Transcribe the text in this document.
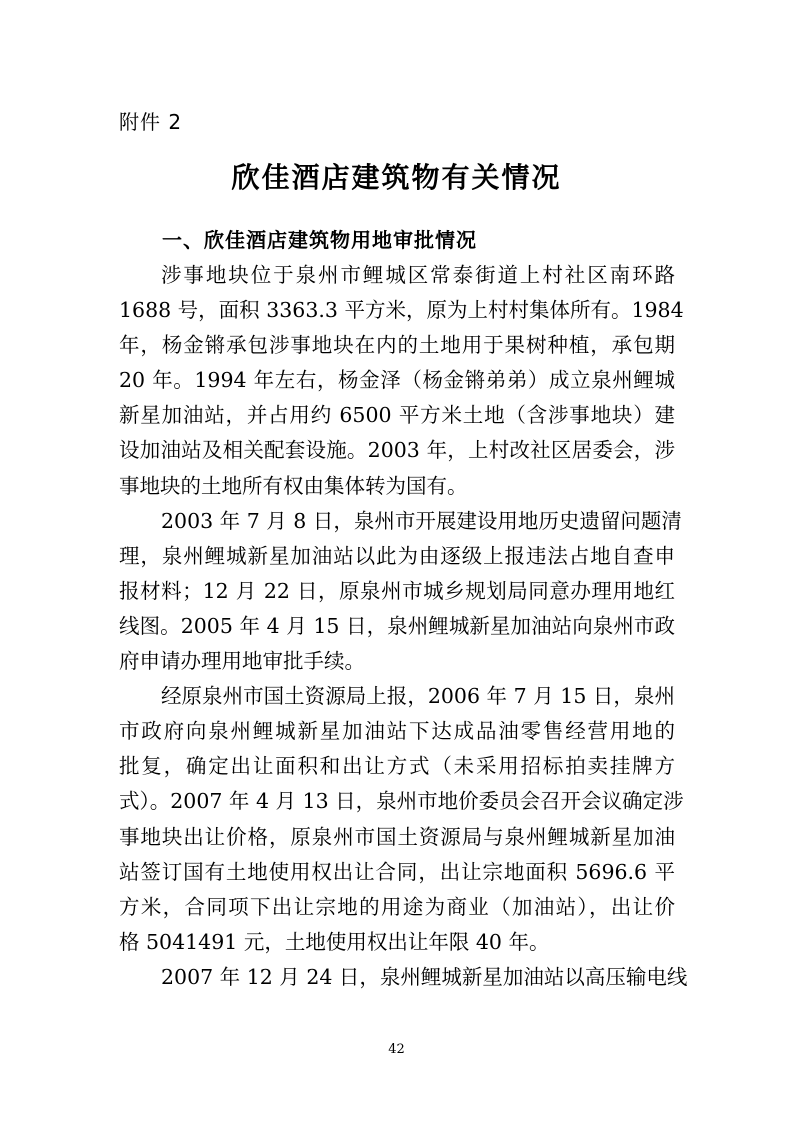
附件 2
欣佳酒店建筑物有关情况
一、欣佳酒店建筑物用地审批情况
涉事地块位于泉州市鲤城区常泰街道上村社区南环路
1688 号，面积 3363.3 平方米，原为上村村集体所有。1984
年，杨金锵承包涉事地块在内的土地用于果树种植，承包期
20 年。1994 年左右，杨金泽（杨金锵弟弟）成立泉州鲤城
新星加油站，并占用约 6500 平方米土地（含涉事地块）建
设加油站及相关配套设施。2003 年，上村改社区居委会，涉
事地块的土地所有权由集体转为国有。
2003 年 7 月 8 日，泉州市开展建设用地历史遗留问题清
理，泉州鲤城新星加油站以此为由逐级上报违法占地自查申
报材料；12 月 22 日，原泉州市城乡规划局同意办理用地红
线图。2005 年 4 月 15 日，泉州鲤城新星加油站向泉州市政
府申请办理用地审批手续。
经原泉州市国土资源局上报，2006 年 7 月 15 日，泉州
市政府向泉州鲤城新星加油站下达成品油零售经营用地的
批复，确定出让面积和出让方式（未采用招标拍卖挂牌方
式）。2007 年 4 月 13 日，泉州市地价委员会召开会议确定涉
事地块出让价格，原泉州市国土资源局与泉州鲤城新星加油
站签订国有土地使用权出让合同，出让宗地面积 5696.6 平
方米，合同项下出让宗地的用途为商业（加油站），出让价
格 5041491 元，土地使用权出让年限 40 年。
2007 年 12 月 24 日，泉州鲤城新星加油站以高压输电线
42
